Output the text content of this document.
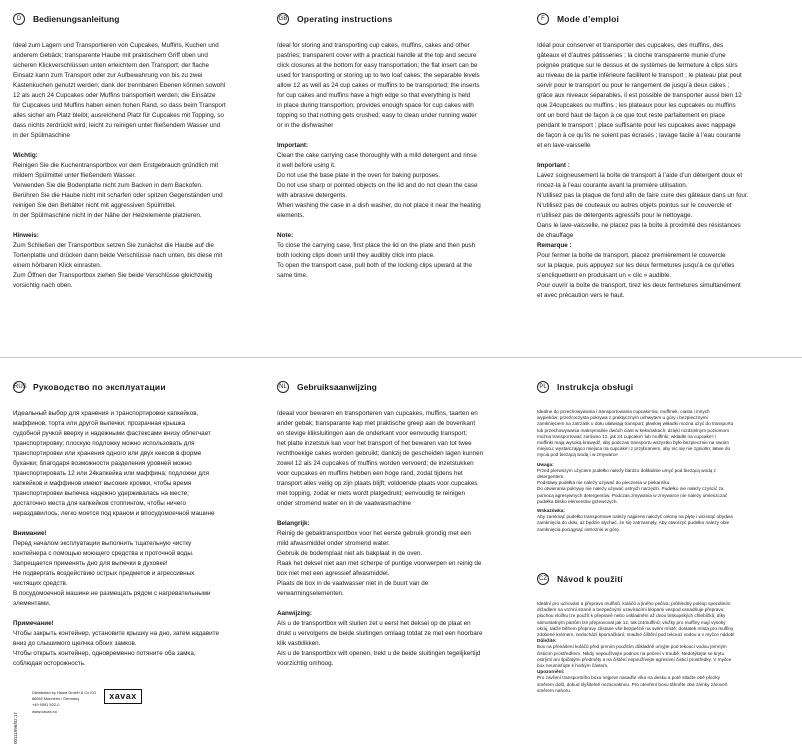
D	Bedienungsanleitung

Ideal zum Lagern und Transportieren von Cupcakes, Muffins, Kuchen und
anderem Gebäck; transparente Haube mit praktischem Griff oben und
sicheren Klickverschlüssen unten erleichtern den Transport; der flache
Einsatz kann zum Transport oder zur Aufbewahrung von bis zu zwei
Kastenkuchen genutzt werden; dank der trennbaren Ebenen können sowohl
12 als auch 24 Cupcakes oder Muffins transportiert werden; die Einsätze
für Cupcakes und Muffins haben einen hohen Rand, so dass beim Transport
alles sicher am Platz bleibt; ausreichend Platz für Cupcakes mit Topping, so
dass nichts zerdrückt wird; leicht zu reinigen unter fließendem Wasser und
in der Spülmaschine

Wichtig:

Reinigen Sie die Kuchentransportbox vor dem Erstgebrauch gründlich mit
mildem Spülmittel unter fließendem Wasser.
Verwenden Sie die Bodenplatte nicht zum Backen in dem Backofen.
Berühren Sie die Haube nicht mit scharfen oder spitzen Gegenständen und
reinigen Sie den Behälter nicht mit aggressiven Spülmittel.
In der Spülmaschine nicht in der Nähe der Heizelemente platzieren.

Hinweis:

Zum Schließen der Transportbox setzen Sie zunächst die Haube auf die
Tortenplatte und drücken dann beide Verschlüsse nach unten, bis diese mit
einem hörbaren Klick einrasten.
Zum Öffnen der Transportbox ziehen Sie beide Verschlüsse gleichzeitig
vorsichtig nach oben.

GB Operating instructions

Ideal for storing and transporting cup cakes, muffins, cakes and other
pastries; transparent cover with a practical handle at the top and secure
click closures at the bottom for easy transportation; the flat insert can be
used for transporting or storing up to two loaf cakes; the separable levels
allow 12 as well as 24 cup cakes or muffins to be transported; the inserts
for cup cakes and muffins have a high edge so that everything is held
in place during transportion; provides enough space for cup cakes with
topping so that nothing gets crushed; easy to clean under running water
or in the dishwasher

Important:

Clean the cake carrying case thoroughly with a mild detergent and rinse
it well before using it.
Do not use the base plate in the oven for baking purposes.
Do not use sharp or pointed objects on the lid and do not clean the case
with abrasive detergents.
When washing the case in a dish washer, do not place it near the heating
elements.

Note:

To close the carrying case, first place the lid on the plate and then push
both locking clips down until they audibly click into place.
To open the transport case, pull both of the locking clips upward at the
same time.

F	Mode d’emploi

Idéal pour conserver et transporter des cupcakes, des muffins, des
gâteaux et d’autres pâtisseries ; la cloche transparente munie d’une
poignée pratique sur le dessus et de systèmes de fermeture à clips sûrs
au niveau de la partie inférieure facilitent le transport ; le plateau plat peut
servir pour le transport ou pour le rangement de jusqu’à deux cakes ;
grâce aux niveaux séparables, il est possible de transporter aussi bien 12
que 24cupcakes ou muffins ; les plateaux pour les cupcakes ou muffins
ont un bord haut de façon à ce que tout reste parfaitement en place
pendant le transport ; place suffisante pour les cupcakes avec nappage
de façon à ce qu’ils ne soient pas écrasés ; lavage facile à l’eau courante
et en lave-vaisselle

Important :

Lavez soigneusement la boîte de transport à l’aide d’un détergent doux et
rincez-la à l’eau courante avant la première utilisation.
N’utilisez pas la plaque de fond afin de faire cuire des gâteaux dans un four.
N’utilisez pas de couteaux ou autres objets pointus sur le couvercle et
n’utilisez pas de détergents agressifs pour le nettoyage.
Dans le lave-vaisselle, ne placez pas la boîte à proximité des résistances
de chauffage

Remarque :

Pour fermer la boîte de transport, placez premièrement le couvercle
sur la plaque, puis appuyez sur les deux fermetures jusqu’à ce qu’elles
s’encliquettent en produisant un « clic » audible.
Pour ouvrir la boîte de transport, tirez les deux fermetures simultanément
et avec précaution vers le haut.

RUS Руководство по эксплуатации

Идеальный выбор для хранения и транспортировки капкейков,
маффинов, торта или другой выпечки; прозрачная крышка
судобной ручкой вверху и надежными фастексами внизу облегчает
транспортировку; плоскую подложку можно использовать для
транспортировки или хранения одного или двух кексов в форме
буханки; благодаря возможности разделения уровней можно
транспортировать 12 или 24капкейка или маффина; подложки для
капкейков и маффинов имеют высокие кромки, чтобы время
транспортировки выпечка надежно удерживалась на месте;
достаточно места для капкейков стоппингом, чтобы ничего
нераздавилось; легко моется под краном и впосудомоечной машине

Внимание!

Перед началом эксплуатации выполнить тщательную чистку
контейнера с помощью моющего средства и проточной воды.
Запрещается применять дно для выпечки в духовке!
Не подвергать воздействию острых предметов и агрессивных
чистящих средств.
В посудомоечной машине не размещать рядом с нагревательными
элементами.

Примечание!

Чтобы закрыть контейнер, установите крышку на дно, затем надавите
вниз до слышимого щелчка обоих замков.
Чтобы открыть контейнер, одновременно потяните оба замка,
соблюдая осторожность.

NL Gebruiksaanwijzing

Ideaal voor bewaren en transporteren van cupcakes, muffins, taarten en
ander gebak; transparante kap met praktische greep aan de bovenkant
en stevige kliksluitingen aan de onderkant voor eenvoudig transport;
het platte inzetstuk kan voor het transport of het bewaren van tot twee
rechthoekige cakes worden gebruikt; dankzij de gescheiden lagen kunnen
zowel 12 als 24 cupcakes of muffins worden vervoerd; de inzetstukken
voor cupcakes en muffins hebben een hoge rand, zodat tijdens het
transport alles veilig op zijn plaats blijft; voldoende plaats voor cupcakes
met topping, zodat er niets wordt platgedrukt; eenvoudig te reinigen
onder stromend water en in de vaatwasmachine

Belangrijk:

Reinig de gebaktransportbox voor het eerste gebruik grondig met een
mild afwasmiddel onder stromend water.
Gebruik de bodemplaat niet als bakplaat in de oven.
Raak het deksel niet aan met scherpe of puntige voorwerpen en reinig de
box niet met een agressief afwasmiddel.
Plaats de box in de vaatwasser niet in de buurt van de
verwarmingselementen.

Aanwijzing:

Als u de transportbox wilt sluiten zet u eerst het deksel op de plaat en
drukt u vervolgens de beide sluitingen omlaag totdat ze met een hoorbare
klik vastklikken.
Als u de transportbox wilt openen, trekt u de beide sluitingen tegelijkertijd
voorzichtig omhoog.

PL Instrukcja obsługi

Idealne do przechowywania i transportowania cupcake’ów, muffinek, ciasta i innych
wypieków; przeźroczysta pokrywa z praktycznym uchwytem u góry i bezpiecznymi
zamknięciem na zatrzask u dołu ułatwiają transport; płaskiej wkładki można użyć do transportu
lub przechowywania maksymalnie dwóch ciast w keksówkach; dzięki rozdzielnym poziomom
można transportować zarówno 12, jak 24 cupcake’i lub muffinki; wkładki na cupcake’i i
muffinki mają wysoką krawędź, aby podczas transportu wszystko było bezpiecznie na swoim
miejscu; wystarczająco miejsca na cupcake’i z przybraniem, aby nic się nie zgniotło; łatwe do
mycia pod bieżącą wodą i w zmywarce

Uwaga:

Przed pierwszym użyciem pudełko należy bardzo dokładnie umyć pod bieżącą wodą z
detergentem.
Podstawy pudełka nie należy używać do pieczenia w piekarniku.
Do otwierania pokrywy nie należy używać ostrych narzędzi. Pudełko nie należy czyścić za
pomocą agresywnych detergentów. Podczas zmywania w zmywarce nie należy umieszczać
pudełka blisko elementów grzewczych.

Wskazówka:

Aby zamknąć pudełko transportowe należy najpierw nałożyć osłonę na płytę i wcisnąć obydwa
zamknięcia do dołu, aż będzie słychać, że się zatrzasnęły. Aby otworzyć pudełko należy obie
zamknięcia pociągnąć ostrożnie w górę.

CZ Návod k použití

Ideální pro uchování a přepravu muffinů, koláčů a jiného pečiva; průhledný poklop speciálním
držadlem na vrchní straně a bezpečnými uzavíracími klopami vespod usnadňuje přepravu;
plochou vložku lze použít k přepravě nebo uskladnění až dvou biskupských chlebíčků; díky
samostatným patrům lze přepravovat jak 12, tak i24muffinů; vložky pro muffiny mají vysoký
okraj, takže během přepravy zůstane vše bezpečně na svém místě; dostatek místa pro muffiny
zdobené krémem, nedochází kpomačkání; snadné čištění pod tekoucí vodou a v myčce nádobí

Důležité:

Box na přenášení koláčů před prvním použitím důkladně umyjte pod tekoucí vodou jemným
čisticím prostředkem. Nikdy nepoužívejte podnos na pečení v troubě. Nedotýkejte se krytu
ostrými ani špičatými předměty a na čištění nepoužívejte agresivní čisticí prostředky. V myčce
box neumisťujte k horkým částem.

Upozornění:

Pro zavření transportního boxu nejprve nasaďte víko na desku a poté stlačte obě přezky
směrem dolů, dokud slyšitelně nezacvaknou. Pro otevření boxu táhněte oba zámky zároveň
směrem nahoru.

00111996/02.17
Distributed by Hama GmbH & Co KG
86652 Monheim / Germany
+49 9091 502-0
www.xavax.eu
xavax
